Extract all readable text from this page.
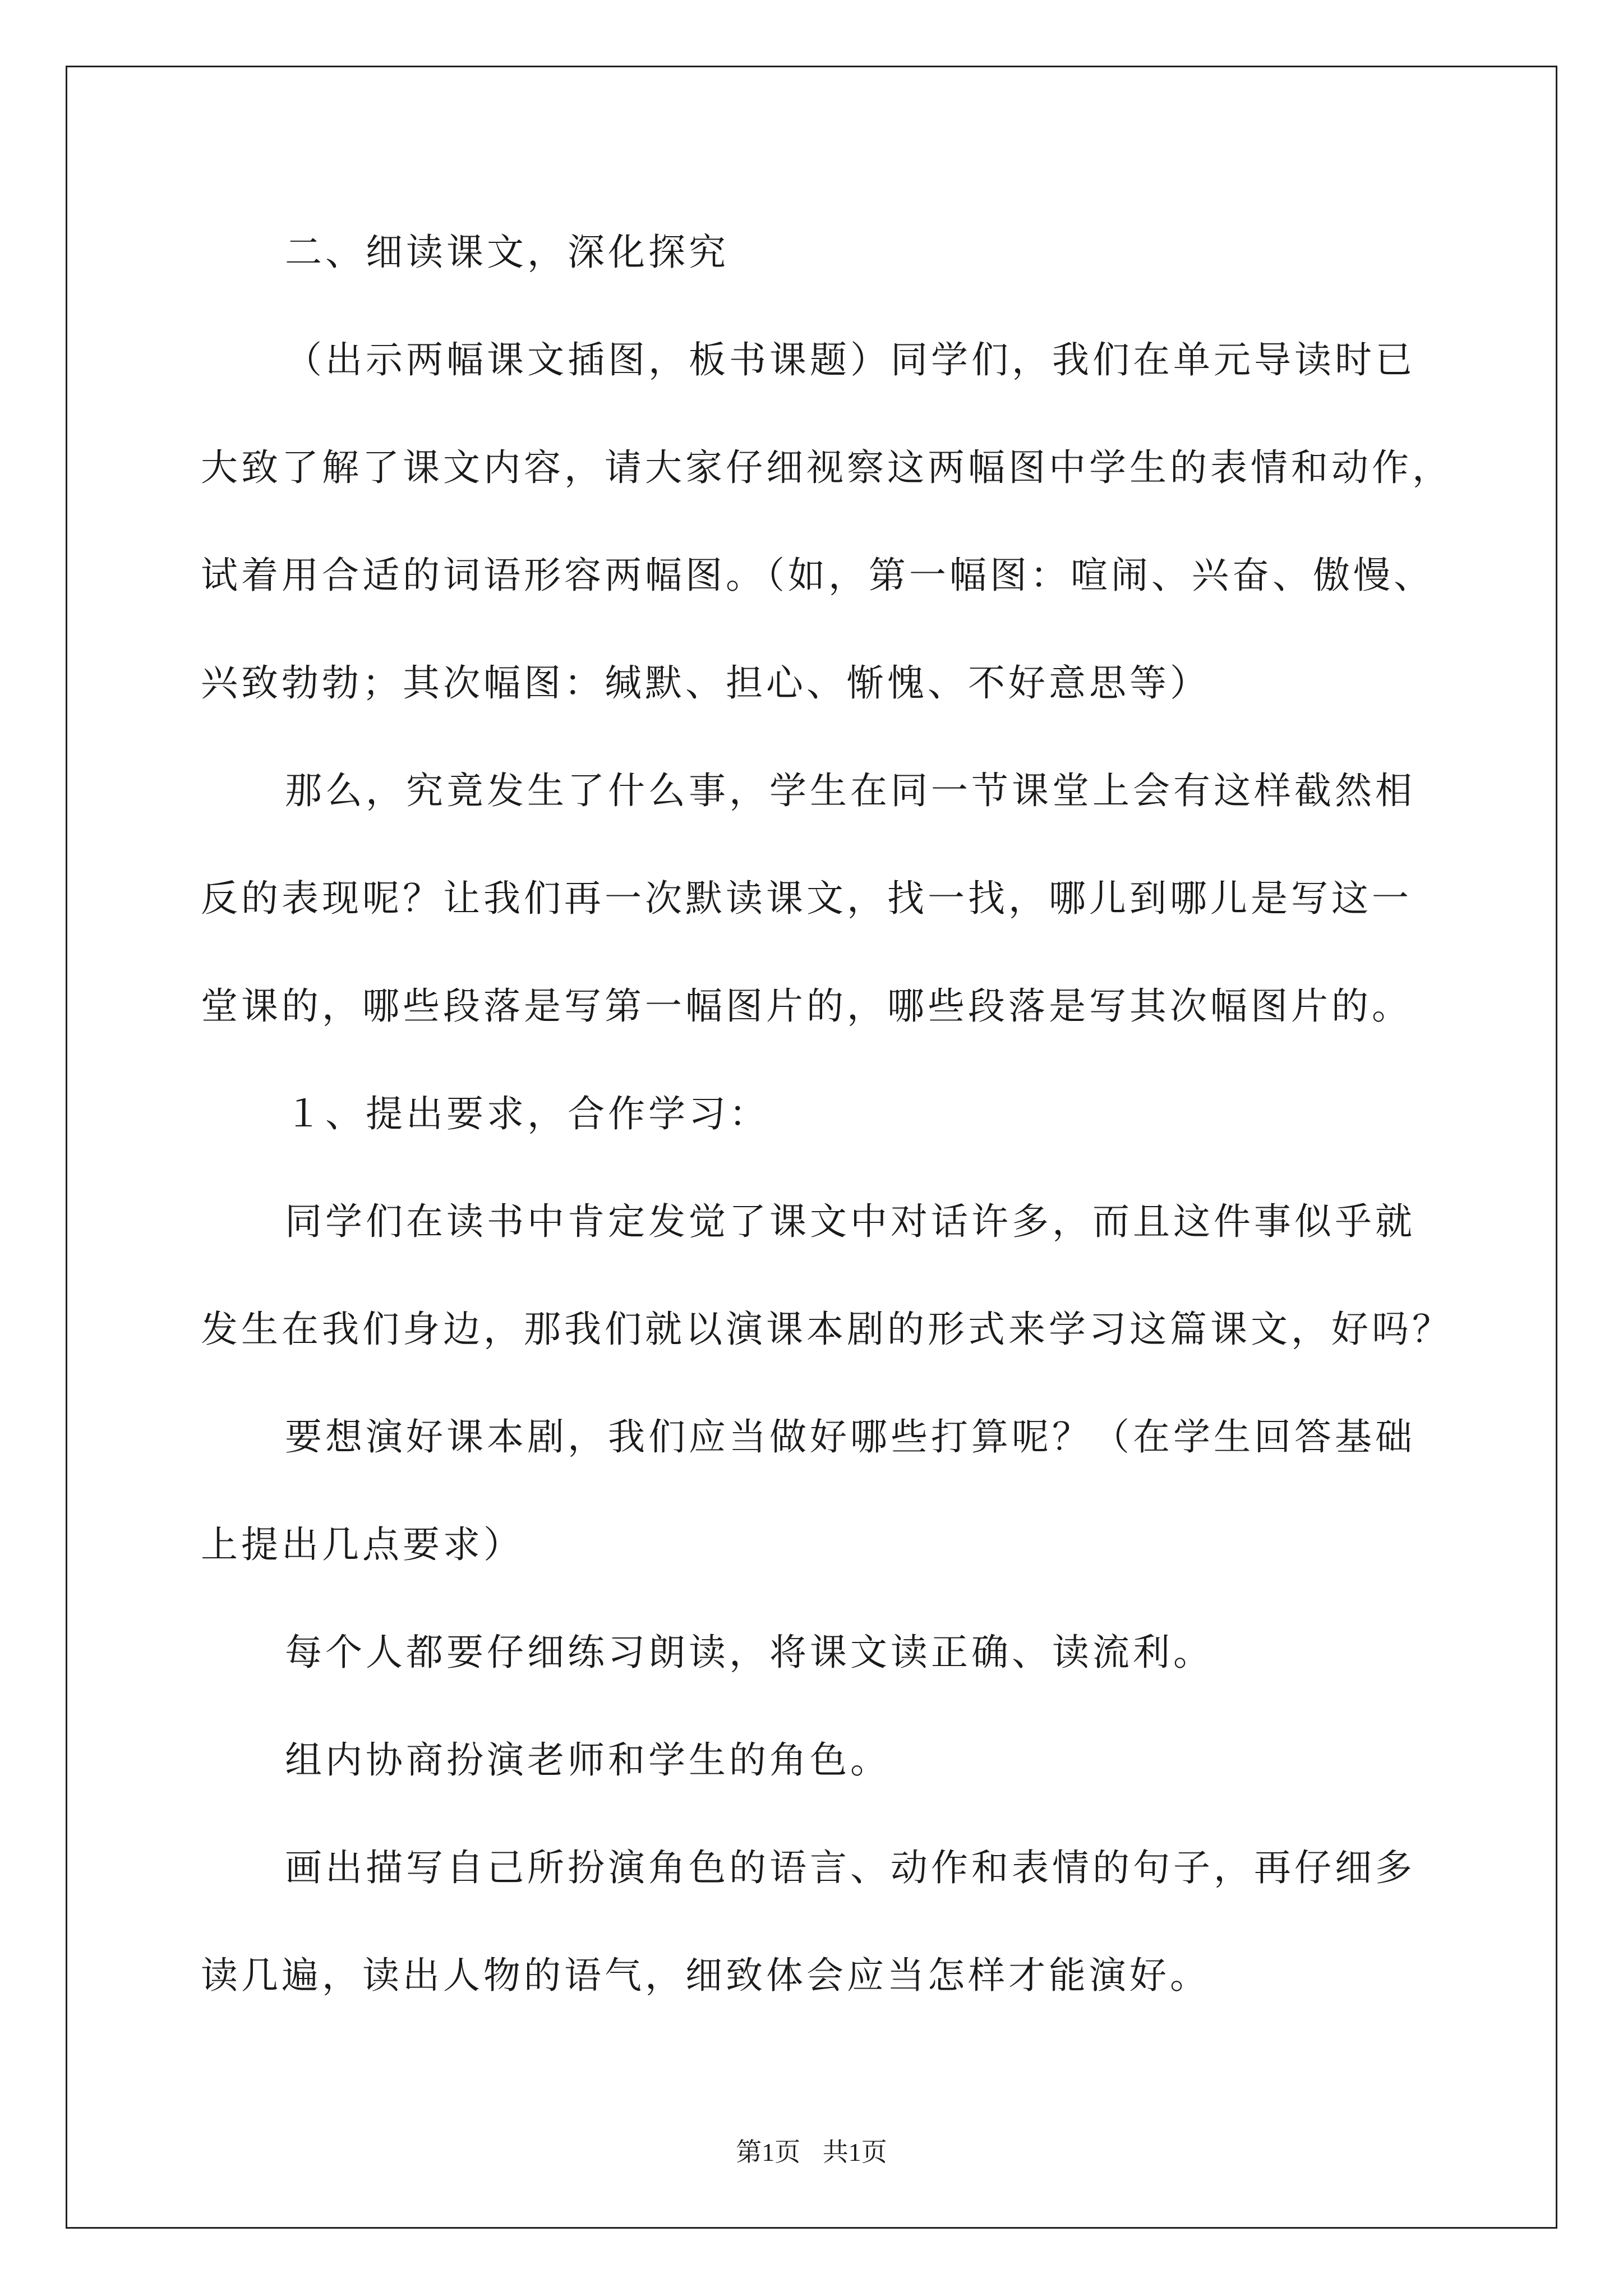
二、细读课文，深化探究
（出示两幅课文插图，板书课题）同学们，我们在单元导读时已
大致了解了课文内容，请大家仔细视察这两幅图中学生的表情和动作，
试着用合适的词语形容两幅图。（如，第一幅图：喧闹、兴奋、傲慢、
兴致勃勃；其次幅图：缄默、担心、惭愧、不好意思等）
那么，究竟发生了什么事，学生在同一节课堂上会有这样截然相
反的表现呢？让我们再一次默读课文，找一找，哪儿到哪儿是写这一
堂课的，哪些段落是写第一幅图片的，哪些段落是写其次幅图片的。
１、提出要求，合作学习：
同学们在读书中肯定发觉了课文中对话许多，而且这件事似乎就
发生在我们身边，那我们就以演课本剧的形式来学习这篇课文，好吗？
要想演好课本剧，我们应当做好哪些打算呢？（在学生回答基础
上提出几点要求）
每个人都要仔细练习朗读，将课文读正确、读流利。
组内协商扮演老师和学生的角色。
画出描写自己所扮演角色的语言、动作和表情的句子，再仔细多
读几遍，读出人物的语气，细致体会应当怎样才能演好。
第1页 共1页
